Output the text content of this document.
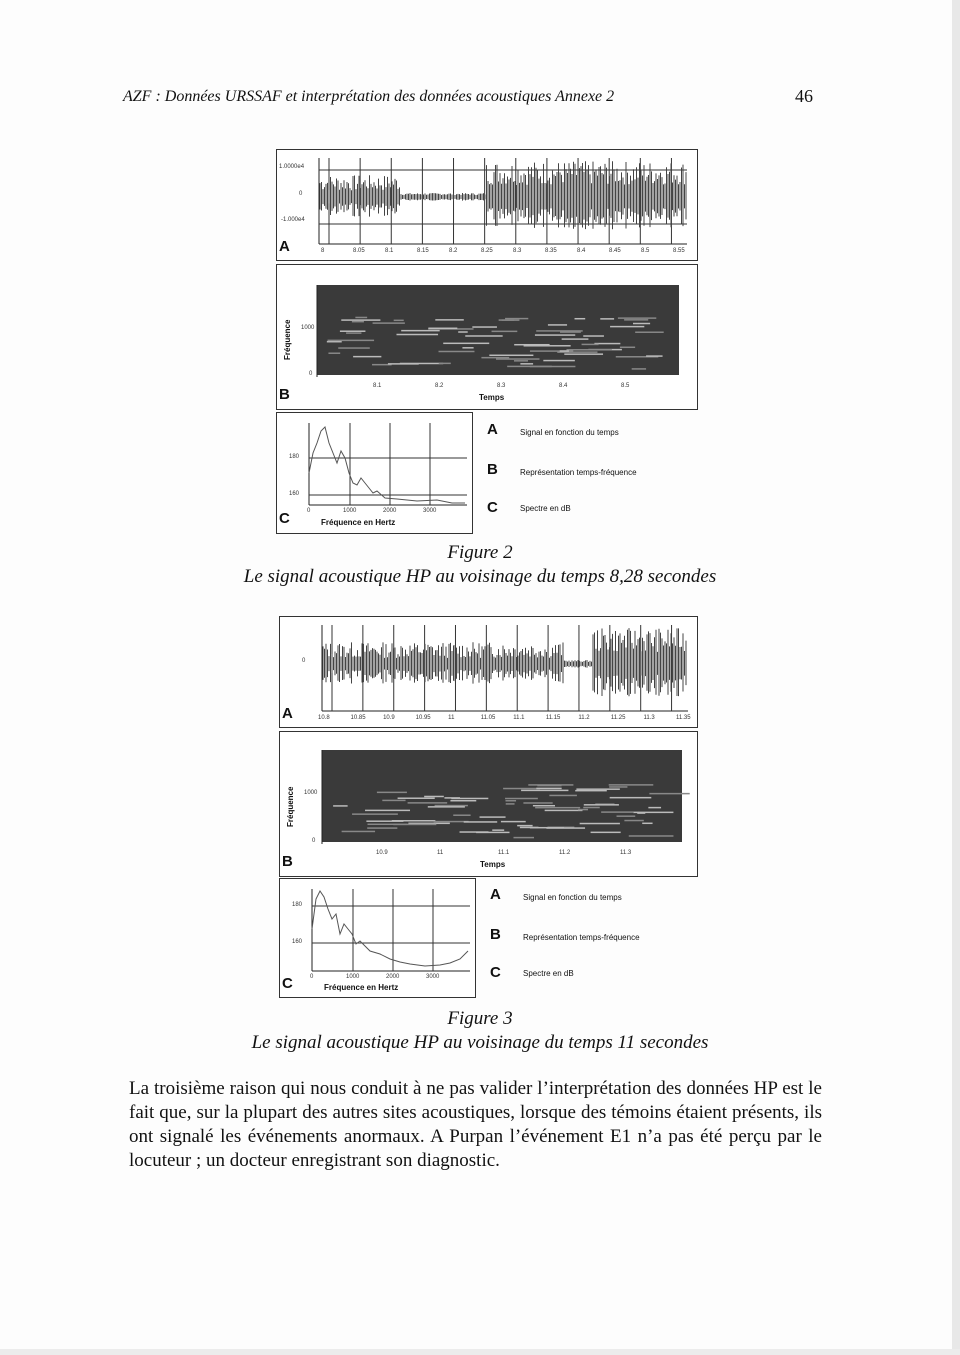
AZF : Données URSSAF et interprétation des données acoustiques Annexe 2	46
1.0000e4
0
-1.000e4
8	8.05	8.1	8.15	8.2	8.25	8.3	8.35	8.4	8.45	8.5	8.55
A
Fréquence 1000
0
8.1	8.2	8.3	8.4	8.5
Temps
B
180
160
0	1000	2000	3000
Fréquence en Hertz
C
A	Signal en fonction du temps
B	Représentation temps-fréquence
C	Spectre en dB
Figure 2
Le signal acoustique HP au voisinage du temps 8,28 secondes
0
10.8	10.85	10.9	10.95	11	11.05	11.1	11.15	11.2	11.25	11.3	11.35
A
Fréquence 1000
0
10.9	11	11.1	11.2	11.3
Temps
B
180
160
0	1000	2000	3000
Fréquence en Hertz
C
A	Signal en fonction du temps
B	Représentation temps-fréquence
C	Spectre en dB
Figure 3
Le signal acoustique HP au voisinage du temps 11 secondes
La troisième raison qui nous conduit à ne pas valider l’interprétation des données HP est le fait que, sur la plupart des autres sites acoustiques, lorsque des témoins étaient présents, ils ont signalé les événements anormaux. A Purpan l’événement E1 n’a pas été perçu par le locuteur ; un docteur enregistrant son diagnostic.
